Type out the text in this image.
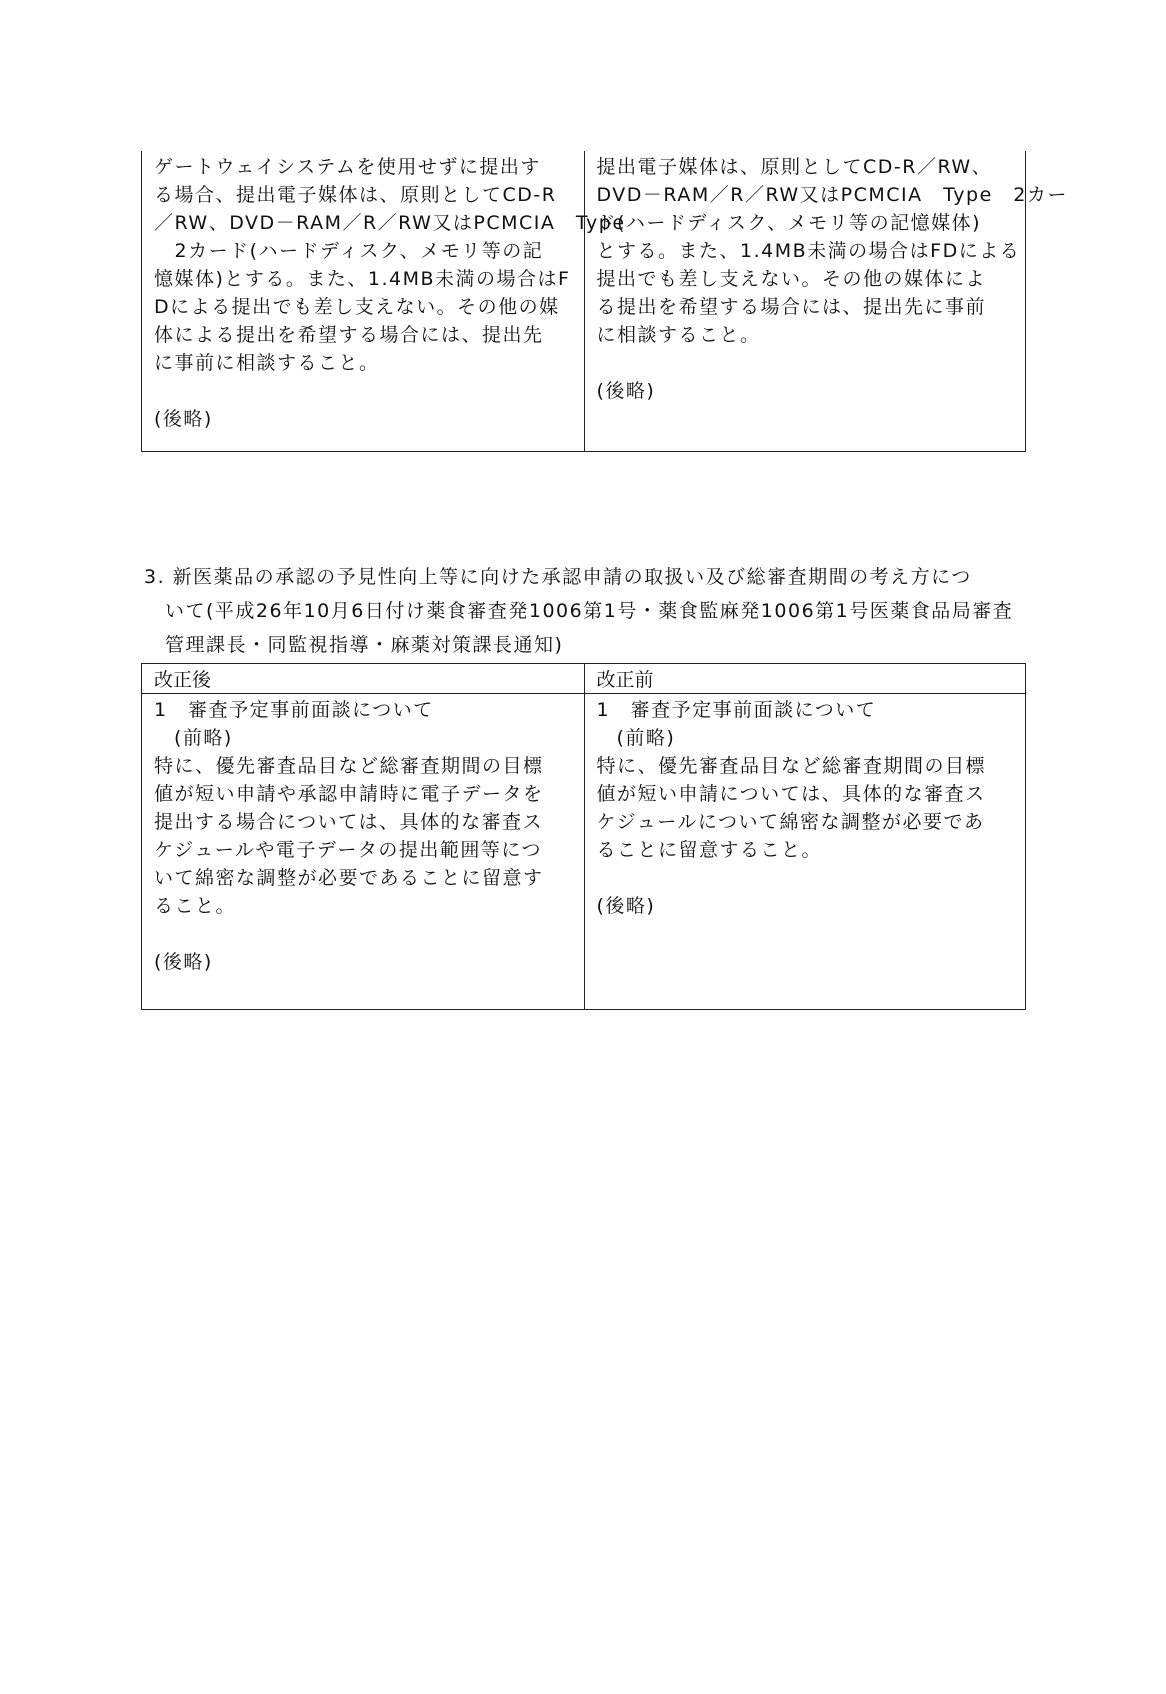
ゲートウェイシステムを使用せずに提出す
る場合、提出電子媒体は、原則としてCD-R
／RW、DVD－RAM／R／RW又はPCMCIA　Type
　2カード(ハードディスク、メモリ等の記
憶媒体)とする。また、1.4MB未満の場合はF
Dによる提出でも差し支えない。その他の媒
体による提出を希望する場合には、提出先
に事前に相談すること。
(後略)
提出電子媒体は、原則としてCD-R／RW、
DVD－RAM／R／RW又はPCMCIA　Type　2カー
ド(ハードディスク、メモリ等の記憶媒体)
とする。また、1.4MB未満の場合はFDによる
提出でも差し支えない。その他の媒体によ
る提出を希望する場合には、提出先に事前
に相談すること。
(後略)
3. 新医薬品の承認の予見性向上等に向けた承認申請の取扱い及び総審査期間の考え方につ
いて(平成26年10月6日付け薬食審査発1006第1号・薬食監麻発1006第1号医薬食品局審査
管理課長・同監視指導・麻薬対策課長通知)
改正後	改正前
1　審査予定事前面談について
(前略)
特に、優先審査品目など総審査期間の目標
値が短い申請や承認申請時に電子データを
提出する場合については、具体的な審査ス
ケジュールや電子データの提出範囲等につ
いて綿密な調整が必要であることに留意す
ること。
(後略)
1　審査予定事前面談について
(前略)
特に、優先審査品目など総審査期間の目標
値が短い申請については、具体的な審査ス
ケジュールについて綿密な調整が必要であ
ることに留意すること。
(後略)
